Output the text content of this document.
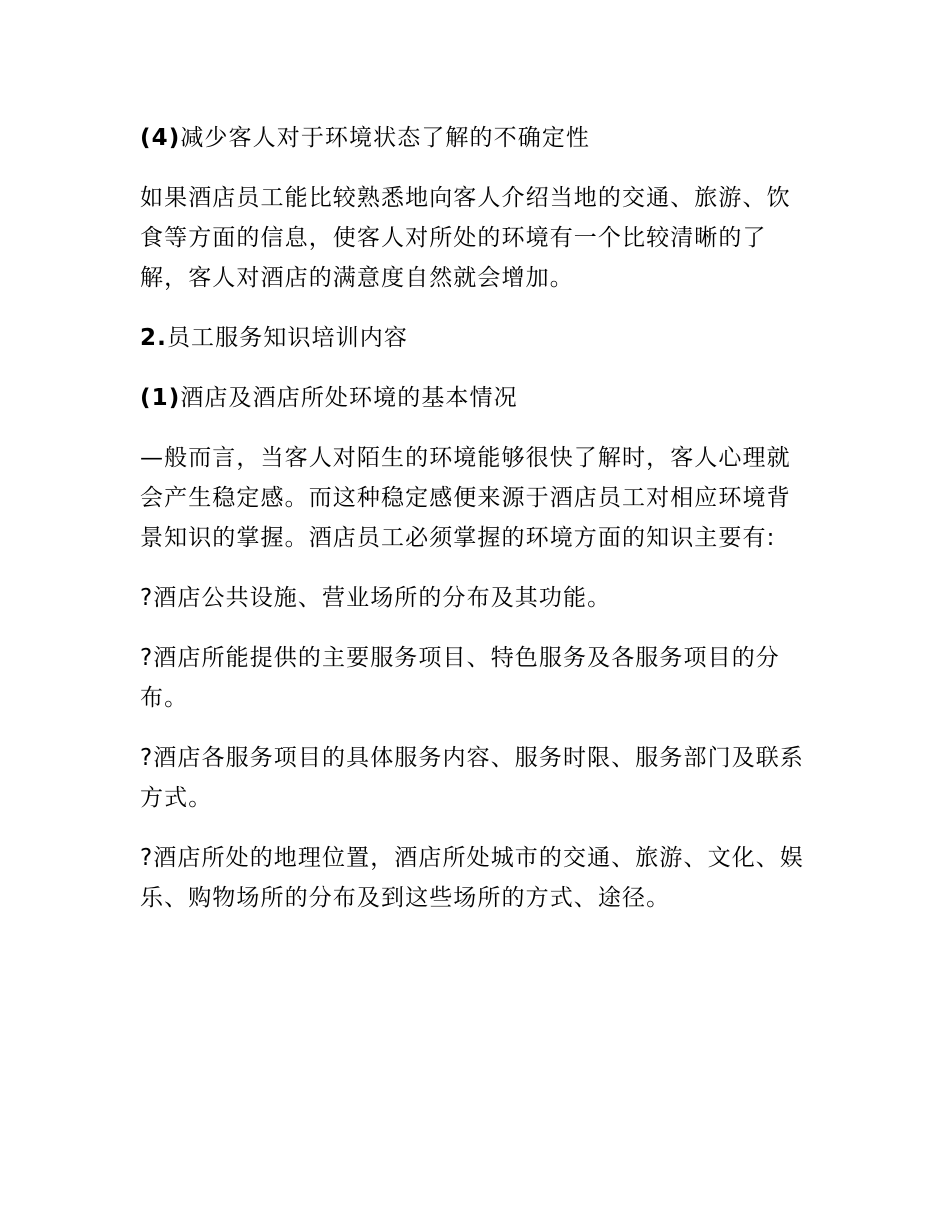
(4)减少客人对于环境状态了解的不确定性

如果酒店员工能比较熟悉地向客人介绍当地的交通、旅游、饮食等方面的信息，使客人对所处的环境有一个比较清晰的了解，客人对酒店的满意度自然就会增加。

2.员工服务知识培训内容

(1)酒店及酒店所处环境的基本情况

—般而言，当客人对陌生的环境能够很快了解时，客人心理就会产生稳定感。而这种稳定感便来源于酒店员工对相应环境背景知识的掌握。酒店员工必须掌握的环境方面的知识主要有:

?酒店公共设施、营业场所的分布及其功能。

?酒店所能提供的主要服务项目、特色服务及各服务项目的分布。

?酒店各服务项目的具体服务内容、服务时限、服务部门及联系方式。

?酒店所处的地理位置，酒店所处城市的交通、旅游、文化、娱乐、购物场所的分布及到这些场所的方式、途径。
